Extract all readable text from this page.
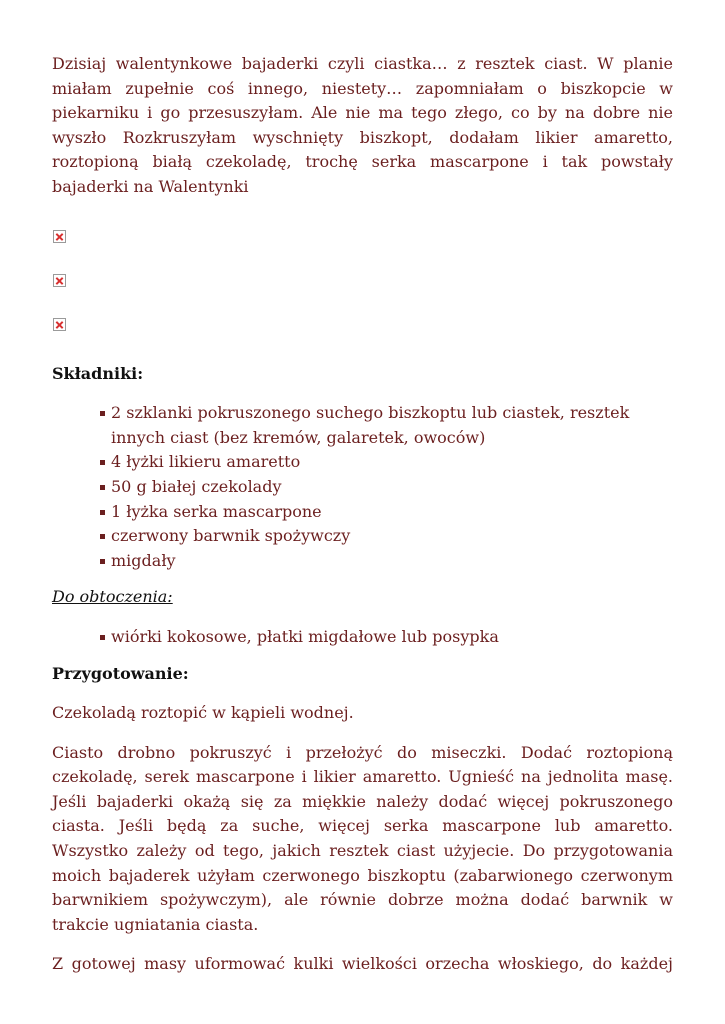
Dzisiaj walentynkowe bajaderki czyli ciastka… z resztek ciast. W planie miałam zupełnie coś innego, niestety… zapomniałam o biszkopcie w piekarniku i go przesuszyłam. Ale nie ma tego złego, co by na dobre nie wyszło Rozkruszyłam wyschnięty biszkopt, dodałam likier amaretto, roztopioną białą czekoladę, trochę serka mascarpone i tak powstały bajaderki na Walentynki

Składniki:

2 szklanki pokruszonego suchego biszkoptu lub ciastek, resztek innych ciast (bez kremów, galaretek, owoców)
4 łyżki likieru amaretto
50 g białej czekolady
1 łyżka serka mascarpone
czerwony barwnik spożywczy
migdały

Do obtoczenia:

wiórki kokosowe, płatki migdałowe lub posypka

Przygotowanie:

Czekoladą roztopić w kąpieli wodnej.

Ciasto drobno pokruszyć i przełożyć do miseczki. Dodać roztopioną czekoladę, serek mascarpone i likier amaretto. Ugnieść na jednolita masę. Jeśli bajaderki okażą się za miękkie należy dodać więcej pokruszonego ciasta. Jeśli będą za suche, więcej serka mascarpone lub amaretto. Wszystko zależy od tego, jakich resztek ciast użyjecie. Do przygotowania moich bajaderek użyłam czerwonego biszkoptu (zabarwionego czerwonym barwnikiem spożywczym), ale równie dobrze można dodać barwnik w trakcie ugniatania ciasta.

Z gotowej masy uformować kulki wielkości orzecha włoskiego, do każdej
